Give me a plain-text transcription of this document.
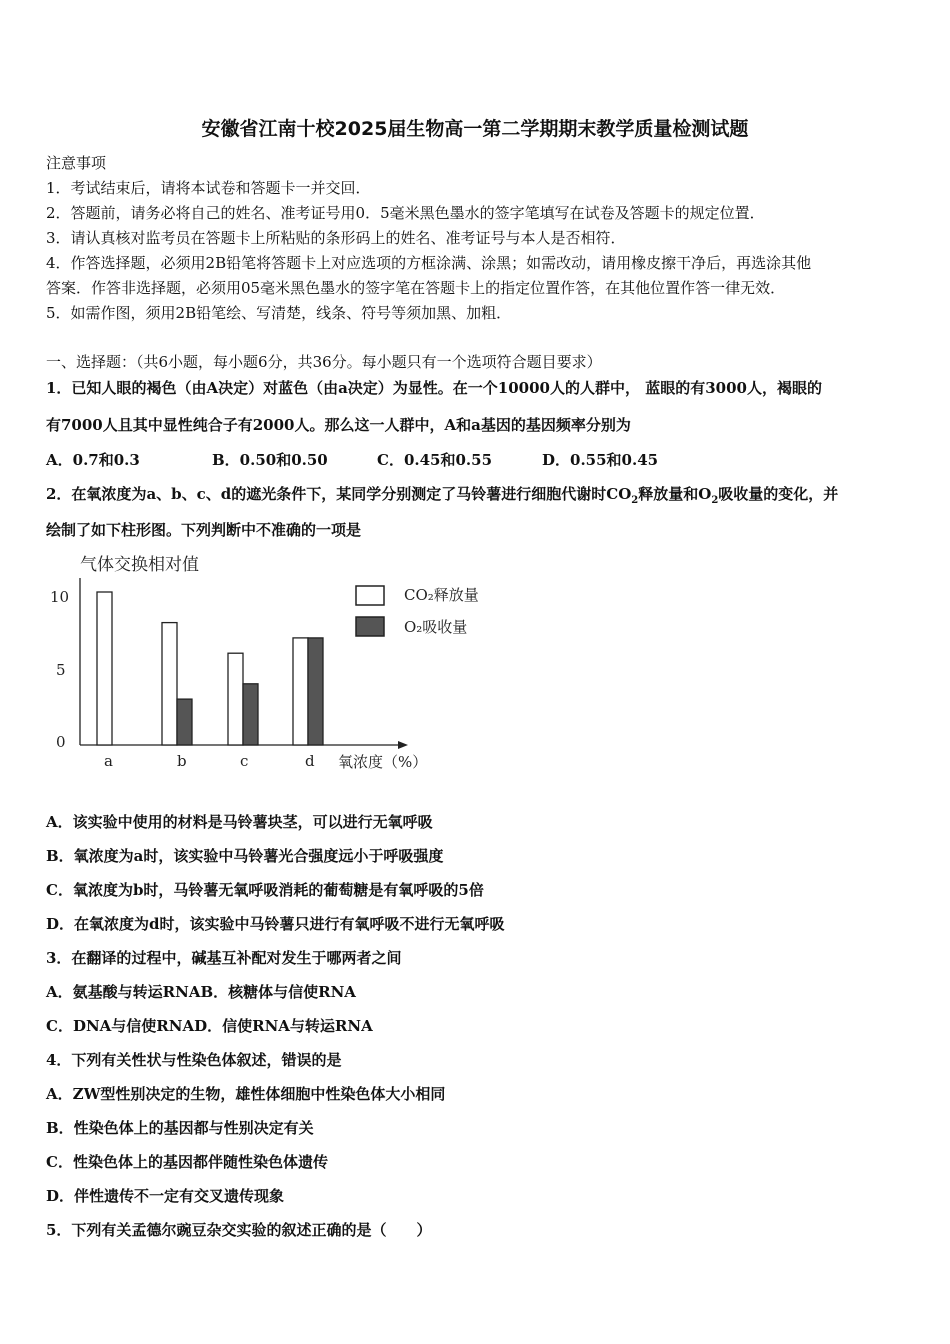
安徽省江南十校2025届生物高一第二学期期末教学质量检测试题
注意事项
1．考试结束后，请将本试卷和答题卡一并交回．
2．答题前，请务必将自己的姓名、准考证号用0．5毫米黑色墨水的签字笔填写在试卷及答题卡的规定位置．
3．请认真核对监考员在答题卡上所粘贴的条形码上的姓名、准考证号与本人是否相符．
4．作答选择题，必须用2B铅笔将答题卡上对应选项的方框涂满、涂黑；如需改动，请用橡皮擦干净后，再选涂其他
答案．作答非选择题，必须用05毫米黑色墨水的签字笔在答题卡上的指定位置作答，在其他位置作答一律无效．
5．如需作图，须用2B铅笔绘、写清楚，线条、符号等须加黑、加粗．
一、选择题：（共6小题，每小题6分，共36分。每小题只有一个选项符合题目要求）
1．已知人眼的褐色（由A决定）对蓝色（由a决定）为显性。在一个10000人的人群中， 蓝眼的有3000人，褐眼的
有7000人且其中显性纯合子有2000人。那么这一人群中，A和a基因的基因频率分别为
A．0.7和0.3	B．0.50和0.50	C．0.45和0.55	D．0.55和0.45
2．在氧浓度为a、b、c、d的遮光条件下，某同学分别测定了马铃薯进行细胞代谢时$CO_2$释放量和$O_2$吸收量的变化，并
绘制了如下柱形图。下列判断中不准确的一项是
气体交换相对值
0
5
10
a	b	c	d 氧浓度（%）
CO₂释放量
O₂吸收量
A．该实验中使用的材料是马铃薯块茎，可以进行无氧呼吸
B．氧浓度为a时，该实验中马铃薯光合强度远小于呼吸强度
C．氧浓度为b时，马铃薯无氧呼吸消耗的葡萄糖是有氧呼吸的5倍
D．在氧浓度为d时，该实验中马铃薯只进行有氧呼吸不进行无氧呼吸
3．在翻译的过程中，碱基互补配对发生于哪两者之间
A．氨基酸与转运RNAB．核糖体与信使RNA
C．DNA与信使RNAD．信使RNA与转运RNA
4．下列有关性状与性染色体叙述，错误的是
A．ZW型性别决定的生物，雄性体细胞中性染色体大小相同
B．性染色体上的基因都与性别决定有关
C．性染色体上的基因都伴随性染色体遗传
D．伴性遗传不一定有交叉遗传现象
5．下列有关孟德尔豌豆杂交实验的叙述正确的是（　　）
